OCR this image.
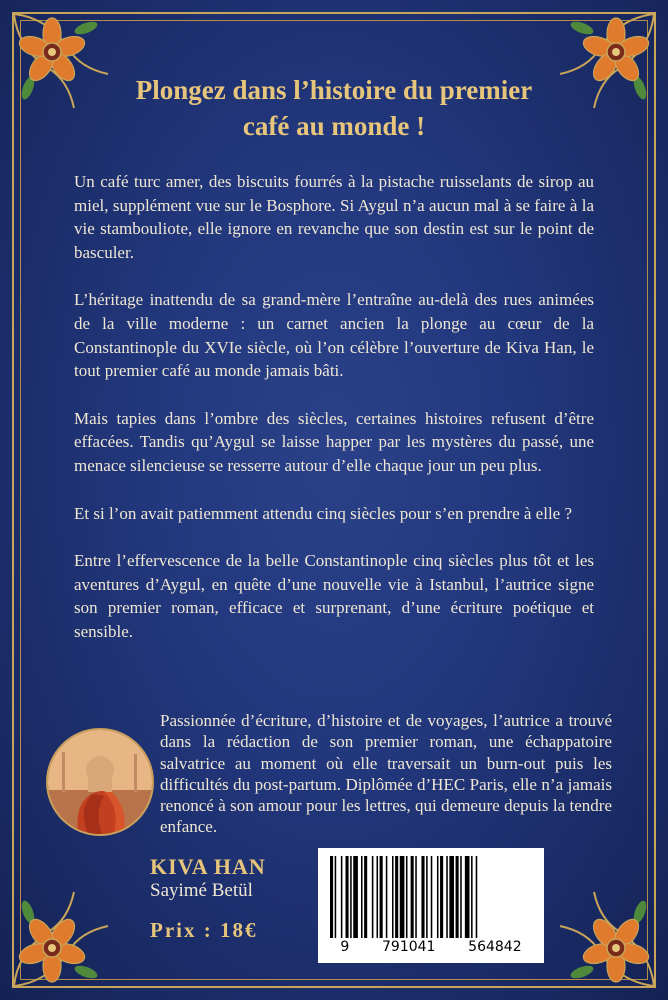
Plongez dans l’histoire du premier café au monde !

Un café turc amer, des biscuits fourrés à la pistache ruisselants de sirop au miel, supplément vue sur le Bosphore. Si Aygul n’a aucun mal à se faire à la vie stambouliote, elle ignore en revanche que son destin est sur le point de basculer.

L’héritage inattendu de sa grand-mère l’entraîne au-delà des rues animées de la ville moderne : un carnet ancien la plonge au cœur de la Constantinople du XVIe siècle, où l’on célèbre l’ouverture de Kiva Han, le tout premier café au monde jamais bâti.

Mais tapies dans l’ombre des siècles, certaines histoires refusent d’être effacées. Tandis qu’Aygul se laisse happer par les mystères du passé, une menace silencieuse se resserre autour d’elle chaque jour un peu plus.

Et si l’on avait patiemment attendu cinq siècles pour s’en prendre à elle ?

Entre l’effervescence de la belle Constantinople cinq siècles plus tôt et les aventures d’Aygul, en quête d’une nouvelle vie à Istanbul, l’autrice signe son premier roman, efficace et surprenant, d’une écriture poétique et sensible.

Passionnée d’écriture, d’histoire et de voyages, l’autrice a trouvé dans la rédaction de son premier roman, une échappatoire salvatrice au moment où elle traversait un burn-out puis les difficultés du post-partum. Diplômée d’HEC Paris, elle n’a jamais renoncé à son amour pour les lettres, qui demeure depuis la tendre enfance.

KIVA HAN
Sayimé Betül
Prix : 18€
9 791041 564842
